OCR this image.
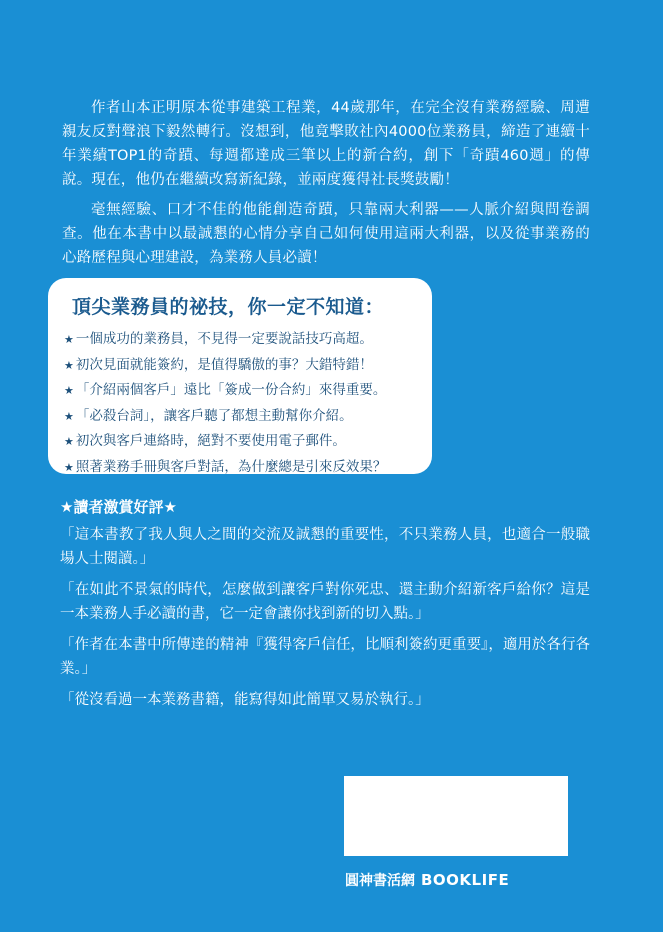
作者山本正明原本從事建築工程業，44歲那年，在完全沒有業務經驗、周遭親友反對聲浪下毅然轉行。沒想到，他竟擊敗社內4000位業務員，締造了連續十年業績TOP1的奇蹟、每週都達成三筆以上的新合約，創下「奇蹟460週」的傳說。現在，他仍在繼續改寫新紀錄，並兩度獲得社長獎鼓勵！

毫無經驗、口才不佳的他能創造奇蹟，只靠兩大利器——人脈介紹與問卷調查。他在本書中以最誠懇的心情分享自己如何使用這兩大利器，以及從事業務的心路歷程與心理建設，為業務人員必讀！

頂尖業務員的祕技，你一定不知道：
★ 一個成功的業務員，不見得一定要說話技巧高超。
★ 初次見面就能簽約，是值得驕傲的事？大錯特錯！
★ 「介紹兩個客戶」遠比「簽成一份合約」來得重要。
★ 「必殺台詞」，讓客戶聽了都想主動幫你介紹。
★ 初次與客戶連絡時，絕對不要使用電子郵件。
★ 照著業務手冊與客戶對話，為什麼總是引來反效果？
★讀者激賞好評★

「這本書教了我人與人之間的交流及誠懇的重要性，不只業務人員，也適合一般職場人士閱讀。」

「在如此不景氣的時代，怎麼做到讓客戶對你死忠、還主動介紹新客戶給你？這是一本業務人手必讀的書，它一定會讓你找到新的切入點。」

「作者在本書中所傳達的精神『獲得客戶信任，比順利簽約更重要』，適用於各行各業。」

「從沒看過一本業務書籍，能寫得如此簡單又易於執行。」

圓神書活網 BOOKLIFE
